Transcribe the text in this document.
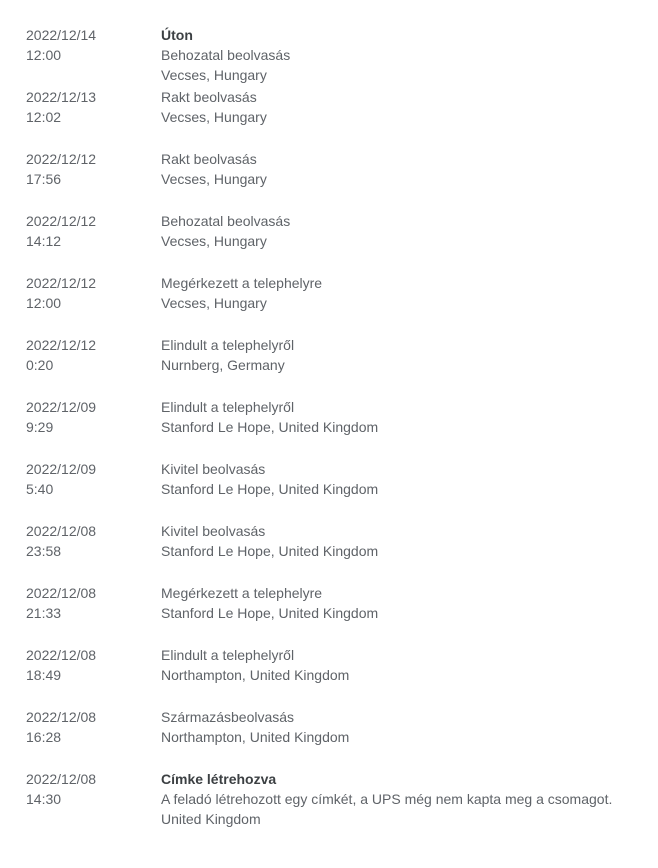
2022/12/14
12:00
Úton
Behozatal beolvasás
Vecses, Hungary
2022/12/13
12:02
Rakt beolvasás
Vecses, Hungary
2022/12/12
17:56
Rakt beolvasás
Vecses, Hungary
2022/12/12
14:12
Behozatal beolvasás
Vecses, Hungary
2022/12/12
12:00
Megérkezett a telephelyre
Vecses, Hungary
2022/12/12
0:20
Elindult a telephelyről
Nurnberg, Germany
2022/12/09
9:29
Elindult a telephelyről
Stanford Le Hope, United Kingdom
2022/12/09
5:40
Kivitel beolvasás
Stanford Le Hope, United Kingdom
2022/12/08
23:58
Kivitel beolvasás
Stanford Le Hope, United Kingdom
2022/12/08
21:33
Megérkezett a telephelyre
Stanford Le Hope, United Kingdom
2022/12/08
18:49
Elindult a telephelyről
Northampton, United Kingdom
2022/12/08
16:28
Származásbeolvasás
Northampton, United Kingdom
2022/12/08
14:30
Címke létrehozva
A feladó létrehozott egy címkét, a UPS még nem kapta meg a csomagot.
United Kingdom
